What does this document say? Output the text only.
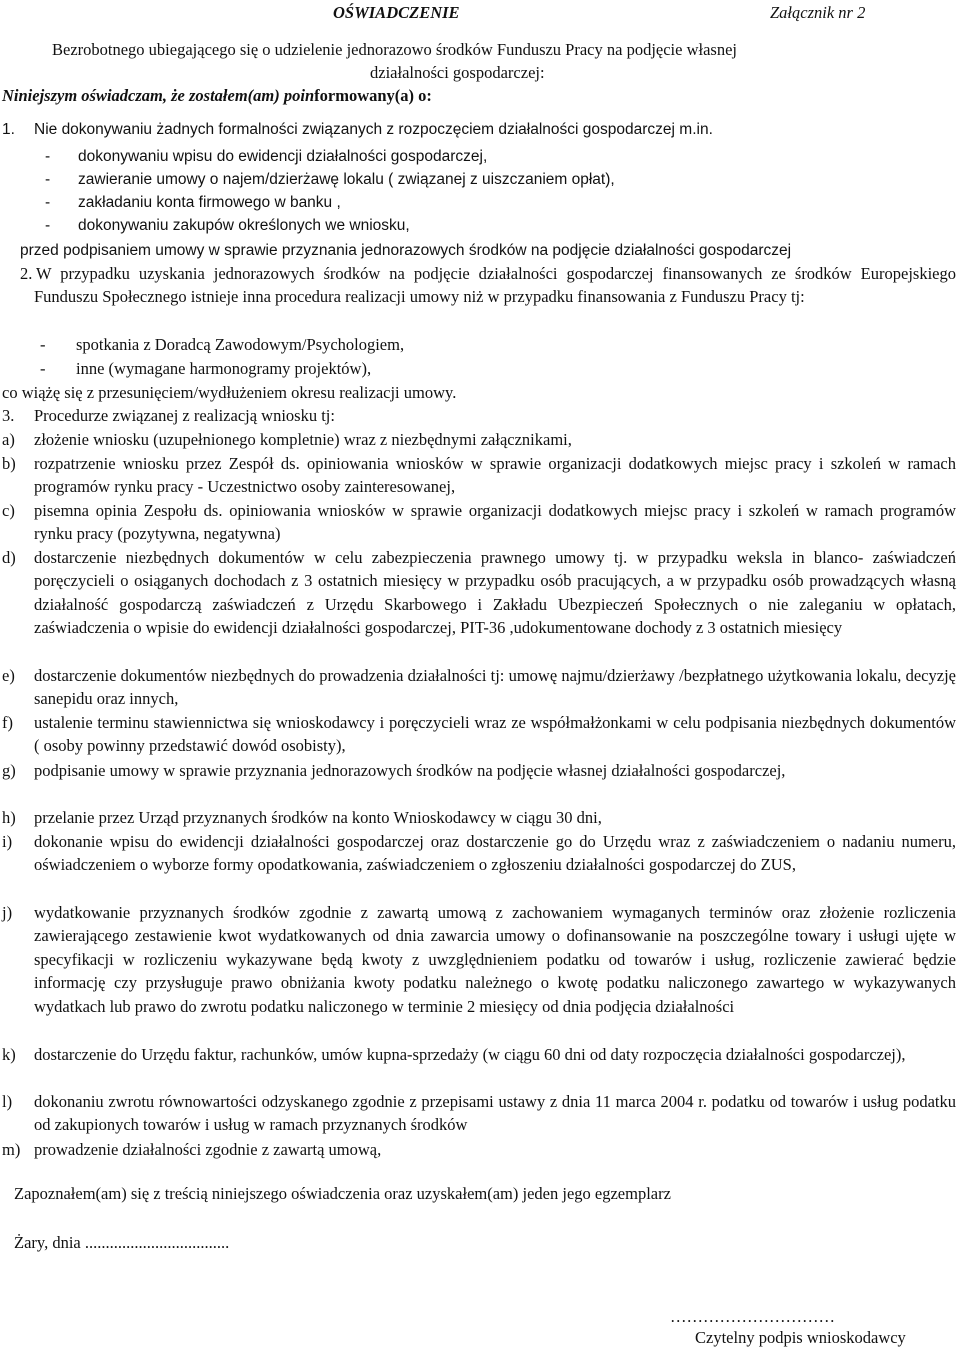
OŚWIADCZENIE	Załącznik nr 2
Bezrobotnego ubiegającego się o udzielenie jednorazowo środków Funduszu Pracy na podjęcie własnej
działalności gospodarczej:
Niniejszym oświadczam, że zostałem(am) poinformowany(a) o:
1. Nie dokonywaniu żadnych formalności związanych z rozpoczęciem działalności gospodarczej m.in.
- dokonywaniu wpisu do ewidencji działalności gospodarczej,
- zawieranie umowy o najem/dzierżawę lokalu ( związanej z uiszczaniem opłat),
- zakładaniu konta firmowego w banku ,
- dokonywaniu zakupów określonych we wniosku,
przed podpisaniem umowy w sprawie przyznania jednorazowych środków na podjęcie działalności gospodarczej
2. W przypadku uzyskania jednorazowych środków na podjęcie działalności gospodarczej finansowanych ze środków Europejskiego Funduszu Społecznego istnieje inna procedura realizacji umowy niż w przypadku finansowania z Funduszu Pracy tj:
- spotkania z Doradcą Zawodowym/Psychologiem,
- inne (wymagane harmonogramy projektów),
co wiążę się z przesunięciem/wydłużeniem okresu realizacji umowy.
3. Procedurze związanej z realizacją wniosku tj:
a) złożenie wniosku (uzupełnionego kompletnie) wraz z niezbędnymi załącznikami,
b) rozpatrzenie wniosku przez Zespół ds. opiniowania wniosków w sprawie organizacji dodatkowych miejsc pracy i szkoleń w ramach programów rynku pracy - Uczestnictwo osoby zainteresowanej,
c) pisemna opinia Zespołu ds. opiniowania wniosków w sprawie organizacji dodatkowych miejsc pracy i szkoleń w ramach programów rynku pracy (pozytywna, negatywna)
d) dostarczenie niezbędnych dokumentów w celu zabezpieczenia prawnego umowy tj. w przypadku weksla in blanco- zaświadczeń poręczycieli o osiąganych dochodach z 3 ostatnich miesięcy w przypadku osób pracujących, a w przypadku osób prowadzących własną działalność gospodarczą zaświadczeń z Urzędu Skarbowego i Zakładu Ubezpieczeń Społecznych o nie zaleganiu w opłatach, zaświadczenia o wpisie do ewidencji działalności gospodarczej, PIT-36 ,udokumentowane dochody z 3 ostatnich miesięcy
e) dostarczenie dokumentów niezbędnych do prowadzenia działalności tj: umowę najmu/dzierżawy /bezpłatnego użytkowania lokalu, decyzję sanepidu oraz innych,
f) ustalenie terminu stawiennictwa się wnioskodawcy i poręczycieli wraz ze współmałżonkami w celu podpisania niezbędnych dokumentów ( osoby powinny przedstawić dowód osobisty),
g) podpisanie umowy w sprawie przyznania jednorazowych środków na podjęcie własnej działalności gospodarczej,
h) przelanie przez Urząd przyznanych środków na konto Wnioskodawcy w ciągu 30 dni,
i) dokonanie wpisu do ewidencji działalności gospodarczej oraz dostarczenie go do Urzędu wraz z zaświadczeniem o nadaniu numeru, oświadczeniem o wyborze formy opodatkowania, zaświadczeniem o zgłoszeniu działalności gospodarczej do ZUS,
j) wydatkowanie przyznanych środków zgodnie z zawartą umową z zachowaniem wymaganych terminów oraz złożenie rozliczenia zawierającego zestawienie kwot wydatkowanych od dnia zawarcia umowy o dofinansowanie na poszczególne towary i usługi ujęte w specyfikacji w rozliczeniu wykazywane będą kwoty z uwzględnieniem podatku od towarów i usług, rozliczenie zawierać będzie informację czy przysługuje prawo obniżania kwoty podatku należnego o kwotę podatku naliczonego zawartego w wykazywanych wydatkach lub prawo do zwrotu podatku naliczonego w terminie 2 miesięcy od dnia podjęcia działalności
k) dostarczenie do Urzędu faktur, rachunków, umów kupna-sprzedaży (w ciągu 60 dni od daty rozpoczęcia działalności gospodarczej),
l) dokonaniu zwrotu równowartości odzyskanego zgodnie z przepisami ustawy z dnia 11 marca 2004 r. podatku od towarów i usług podatku od zakupionych towarów i usług w ramach przyznanych środków
m) prowadzenie działalności zgodnie z zawartą umową,
Zapoznałem(am) się z treścią niniejszego oświadczenia oraz uzyskałem(am) jeden jego egzemplarz
Żary, dnia ...................................
…………………………
Czytelny podpis wnioskodawcy
